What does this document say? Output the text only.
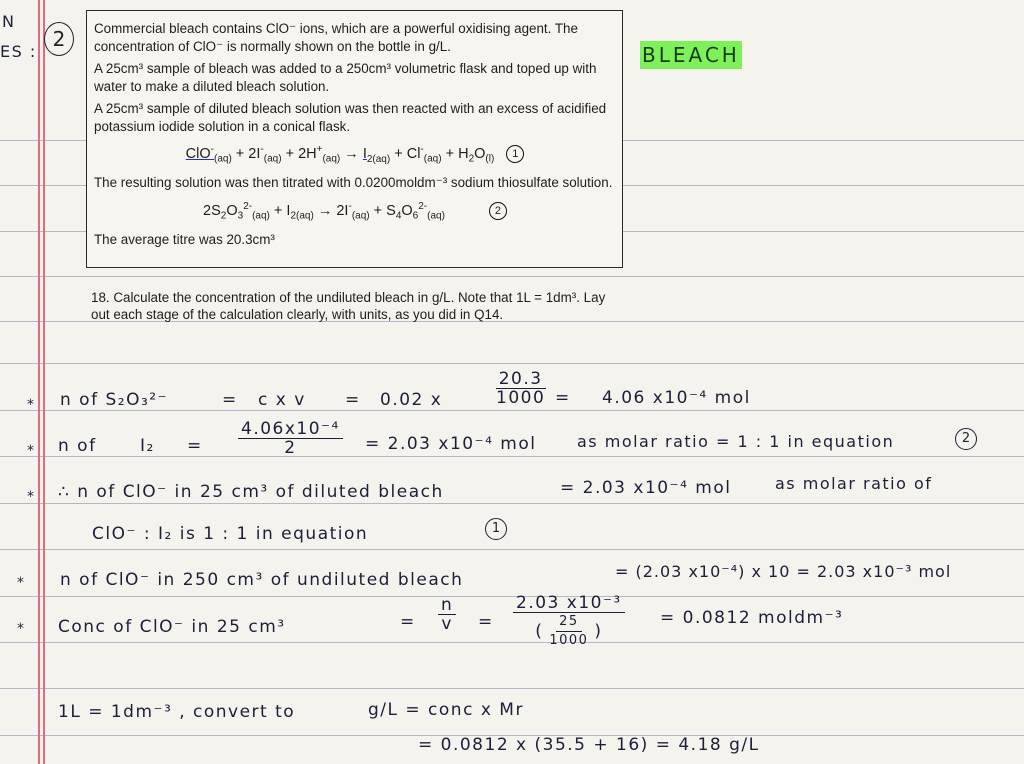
N
ES :
2	Commercial bleach contains ClO⁻ ions, which are a powerful oxidising agent. The concentration of ClO⁻ is normally shown on the bottle in g/L.

A 25cm³ sample of bleach was added to a 250cm³ volumetric flask and toped up with water to make a diluted bleach solution.

A 25cm³ sample of diluted bleach solution was then reacted with an excess of acidified potassium iodide solution in a conical flask.

$ClO^-_{(aq)} + 2I^-_{(aq)} + 2H^+_{(aq)} \to I_{2(aq)} + Cl^-_{(aq)} + H_2O_{(l)}$ 1

The resulting solution was then titrated with 0.0200moldm⁻³ sodium thiosulfate solution.

$2S_2O_3^{2-}_{(aq)} + I_{2(aq)} \to 2I^-_{(aq)} + S_4O_6^{2-}_{(aq)}$	2

The average titre was 20.3cm³

BLEACH
18. Calculate the concentration of the undiluted bleach in g/L. Note that 1L = 1dm³. Lay out each stage of the calculation clearly, with units, as you did in Q14.
* n of S₂O₃²⁻	= c x v = 0.02 x	$\frac{20.3}{1000} = 4.06$ x10⁻⁴ mol
* n of	$I_2 = \frac{\text{4.06x10⁻⁴}}{2} = 2.03$ x10⁻⁴ mol	as molar ratio = 1 : 1 in equation	2
* ∴ n of ClO⁻ in 25 cm³ of diluted bleach	= 2.03 x10⁻⁴ mol	as molar ratio of
ClO⁻ : I₂ is 1 : 1 in equation	1
* n of ClO⁻ in 250 cm³ of undiluted bleach	= (2.03 x10⁻⁴) x 10 = 2.03 x10⁻³ mol
* Conc of ClO⁻ in 25 cm³	= $\frac{n}{v} = \frac{\text{2.03 x10⁻³}}{( \frac{25}{1000} )} = 0.0812$ moldm⁻³
1L = 1dm⁻³ , convert to	g/L = conc x Mr
= 0.0812 x (35.5 + 16) = 4.18 g/L
